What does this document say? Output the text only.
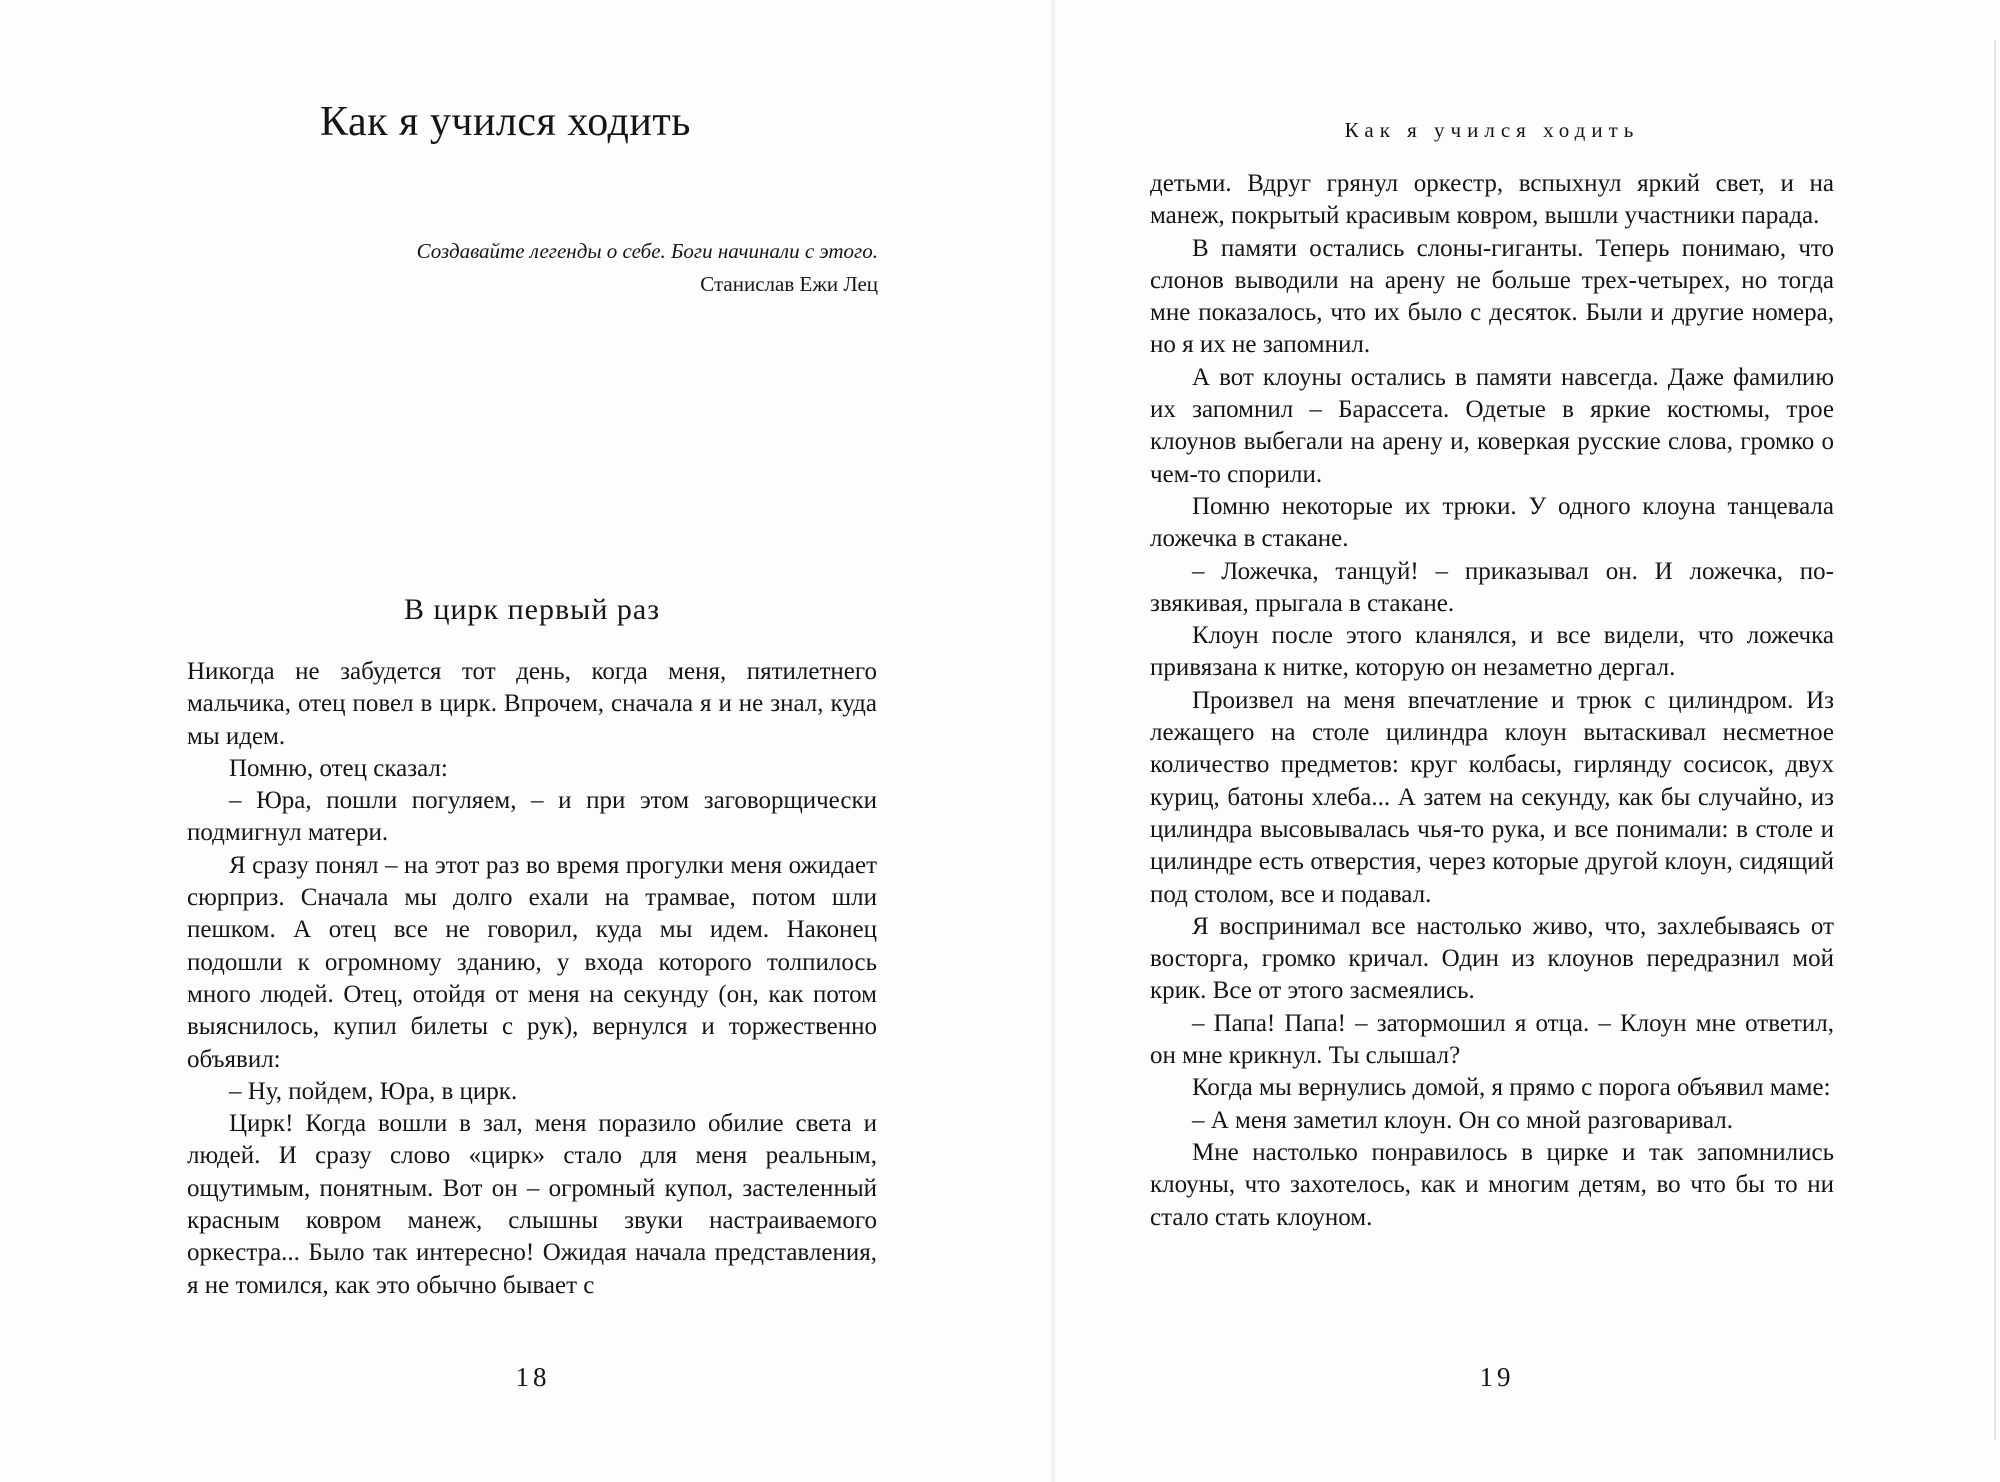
Как я учился ходить
Создавайте легенды о себе. Боги начинали с этого.
Станислав Ежи Лец
В цирк первый раз

Никогда не забудется тот день, когда меня, пятилетнего мальчика, отец повел в цирк. Впрочем, сначала я и не знал, куда мы идем.

Помню, отец сказал:

– Юра, пошли погуляем, – и при этом заговорщически подмигнул матери.

Я сразу понял – на этот раз во время прогулки меня ожидает сюрприз. Сначала мы долго ехали на трамвае, потом шли пешком. А отец все не говорил, куда мы идем. Наконец подошли к огромному зданию, у входа которого толпилось много людей. Отец, отойдя от меня на секунду (он, как потом выяснилось, купил билеты с рук), вернулся и торжественно объявил:

– Ну, пойдем, Юра, в цирк.

Цирк! Когда вошли в зал, меня поразило обилие света и людей. И сразу слово «цирк» стало для меня реальным, ощутимым, понятным. Вот он – огромный купол, застеленный красным ковром манеж, слышны звуки настраиваемого оркестра... Было так интересно! Ожидая начала представления, я не томился, как это обычно бывает с

18
Как я учился ходить

детьми. Вдруг грянул оркестр, вспыхнул яркий свет, и на манеж, покрытый красивым ковром, вышли участники парада.

В памяти остались слоны-гиганты. Теперь понимаю, что слонов выводили на арену не больше трех-четырех, но тогда мне показалось, что их было с десяток. Были и другие номера, но я их не запомнил.

А вот клоуны остались в памяти навсегда. Даже фамилию их запомнил – Барассета. Одетые в яркие костюмы, трое клоунов выбегали на арену и, коверкая русские слова, громко о чем-то спорили.

Помню некоторые их трюки. У одного клоуна танцевала ложечка в стакане.

– Ложечка, танцуй! – приказывал он. И ложечка, позвякивая, прыгала в стакане.

Клоун после этого кланялся, и все видели, что ложечка привязана к нитке, которую он незаметно дергал.

Произвел на меня впечатление и трюк с цилиндром. Из лежащего на столе цилиндра клоун вытаскивал несметное количество предметов: круг колбасы, гирлянду сосисок, двух куриц, батоны хлеба... А затем на секунду, как бы случайно, из цилиндра высовывалась чья-то рука, и все понимали: в столе и цилиндре есть отверстия, через которые другой клоун, сидящий под столом, все и подавал.

Я воспринимал все настолько живо, что, захлебываясь от восторга, громко кричал. Один из клоунов передразнил мой крик. Все от этого засмеялись.

– Папа! Папа! – затормошил я отца. – Клоун мне ответил, он мне крикнул. Ты слышал?

Когда мы вернулись домой, я прямо с порога объявил маме:

– А меня заметил клоун. Он со мной разговаривал.

Мне настолько понравилось в цирке и так запомнились клоуны, что захотелось, как и многим детям, во что бы то ни стало стать клоуном.

19
